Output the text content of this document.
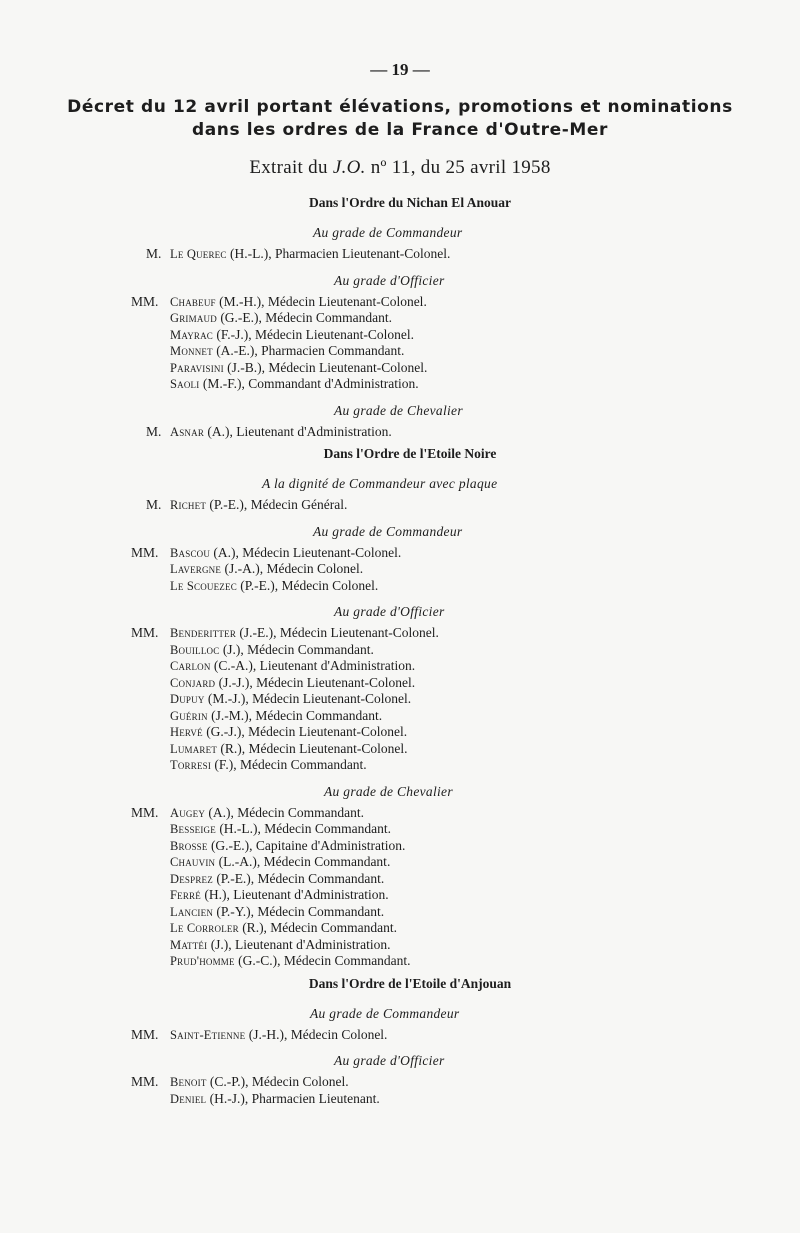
— 19 —
Décret du 12 avril portant élévations, promotions et nominations
dans les ordres de la France d'Outre-Mer
Extrait du J.O. nº 11, du 25 avril 1958
Dans l'Ordre du Nichan El Anouar
Au grade de Commandeur
M. Le Querec (H.-L.), Pharmacien Lieutenant-Colonel.
Au grade d'Officier
MM. Chabeuf (M.-H.), Médecin Lieutenant-Colonel.
Grimaud (G.-E.), Médecin Commandant.
Mayrac (F.-J.), Médecin Lieutenant-Colonel.
Monnet (A.-E.), Pharmacien Commandant.
Paravisini (J.-B.), Médecin Lieutenant-Colonel.
Saoli (M.-F.), Commandant d'Administration.
Au grade de Chevalier
M. Asnar (A.), Lieutenant d'Administration.
Dans l'Ordre de l'Etoile Noire
A la dignité de Commandeur avec plaque
M. Richet (P.-E.), Médecin Général.
Au grade de Commandeur
MM. Bascou (A.), Médecin Lieutenant-Colonel.
Lavergne (J.-A.), Médecin Colonel.
Le Scouezec (P.-E.), Médecin Colonel.
Au grade d'Officier
MM. Benderitter (J.-E.), Médecin Lieutenant-Colonel.
Bouilloc (J.), Médecin Commandant.
Carlon (C.-A.), Lieutenant d'Administration.
Conjard (J.-J.), Médecin Lieutenant-Colonel.
Dupuy (M.-J.), Médecin Lieutenant-Colonel.
Guérin (J.-M.), Médecin Commandant.
Hervé (G.-J.), Médecin Lieutenant-Colonel.
Lumaret (R.), Médecin Lieutenant-Colonel.
Torresi (F.), Médecin Commandant.
Au grade de Chevalier
MM. Augey (A.), Médecin Commandant.
Besseige (H.-L.), Médecin Commandant.
Brosse (G.-E.), Capitaine d'Administration.
Chauvin (L.-A.), Médecin Commandant.
Desprez (P.-E.), Médecin Commandant.
Ferré (H.), Lieutenant d'Administration.
Lancien (P.-Y.), Médecin Commandant.
Le Corroler (R.), Médecin Commandant.
Mattéi (J.), Lieutenant d'Administration.
Prud'homme (G.-C.), Médecin Commandant.
Dans l'Ordre de l'Etoile d'Anjouan
Au grade de Commandeur
MM. Saint-Etienne (J.-H.), Médecin Colonel.
Au grade d'Officier
MM. Benoit (C.-P.), Médecin Colonel.
Deniel (H.-J.), Pharmacien Lieutenant.
